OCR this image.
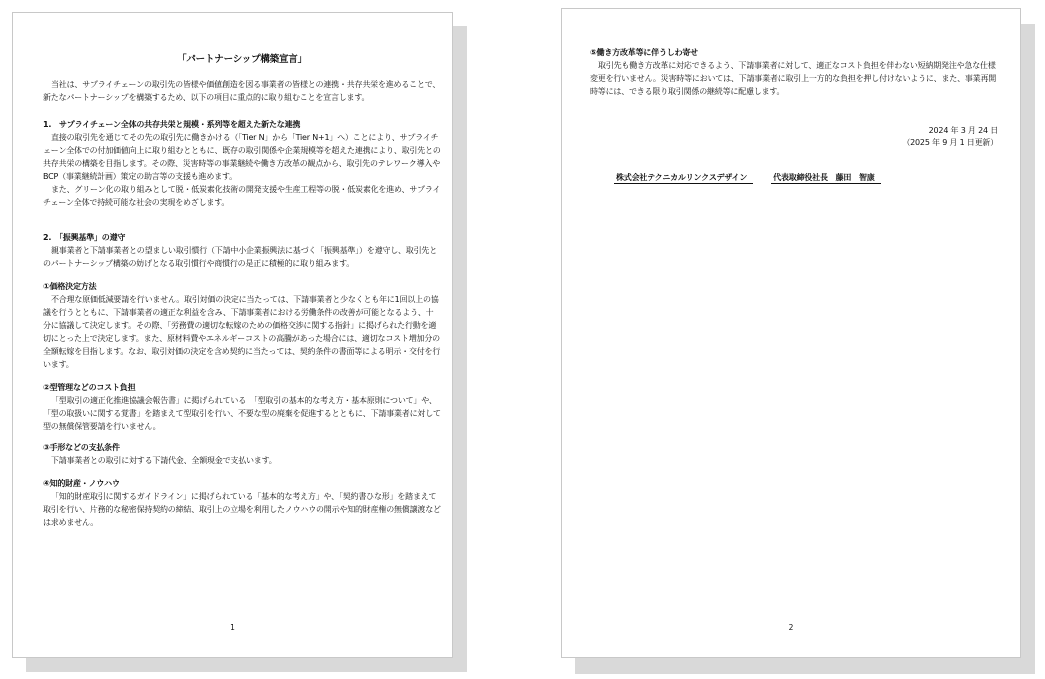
「パートナーシップ構築宣言」

当社は、サプライチェーンの取引先の皆様や価値創造を図る事業者の皆様との連携・共存共栄を進めることで、新たなパートナーシップを構築するため、以下の項目に重点的に取り組むことを宣言します。

1.　サプライチェーン全体の共存共栄と規模・系列等を超えた新たな連携

直接の取引先を通じてその先の取引先に働きかける（「Tier N」から「Tier N+1」へ）ことにより、サプライチェーン全体での付加価値向上に取り組むとともに、既存の取引関係や企業規模等を超えた連携により、取引先との共存共栄の構築を目指します。その際、災害時等の事業継続や働き方改革の観点から、取引先のテレワーク導入やBCP（事業継続計画）策定の助言等の支援も進めます。

また、グリーン化の取り組みとして脱・低炭素化技術の開発支援や生産工程等の脱・低炭素化を進め、サプライチェーン全体で持続可能な社会の実現をめざします。

2.　「振興基準」の遵守

親事業者と下請事業者との望ましい取引慣行（下請中小企業振興法に基づく「振興基準」）を遵守し、取引先とのパートナーシップ構築の妨げとなる取引慣行や商慣行の是正に積極的に取り組みます。

①価格決定方法

不合理な原価低減要請を行いません。取引対価の決定に当たっては、下請事業者と少なくとも年に1回以上の協議を行うとともに、下請事業者の適正な利益を含み、下請事業者における労働条件の改善が可能となるよう、十分に協議して決定します。その際、「労務費の適切な転嫁のための価格交渉に関する指針」に掲げられた行動を適切にとった上で決定します。また、原材料費やエネルギーコストの高騰があった場合には、適切なコスト増加分の全額転嫁を目指します。なお、取引対価の決定を含め契約に当たっては、契約条件の書面等による明示・交付を行います。

②型管理などのコスト負担

「型取引の適正化推進協議会報告書」に掲げられている　「型取引の基本的な考え方・基本原則について」や、「型の取扱いに関する覚書」を踏まえて型取引を行い、不要な型の廃棄を促進するとともに、下請事業者に対して型の無償保管要請を行いません。

③手形などの支払条件

下請事業者との取引に対する下請代金、全額現金で支払います。

④知的財産・ノウハウ

「知的財産取引に関するガイドライン」に掲げられている「基本的な考え方」や、「契約書ひな形」を踏まえて取引を行い、片務的な秘密保持契約の締結、取引上の立場を利用したノウハウの開示や知的財産権の無償譲渡などは求めません。

1

⑤働き方改革等に伴うしわ寄せ

取引先も働き方改革に対応できるよう、下請事業者に対して、適正なコスト負担を伴わない短納期発注や急な仕様変更を行いません。災害時等においては、下請事業者に取引上一方的な負担を押し付けないように、また、事業再開時等には、できる限り取引関係の継続等に配慮します。

2024 年 3 月 24 日
（2025 年 9 月 1 日更新）
株式会社テクニカルリンクスデザイン	代表取締役社長　藤田　智康
2
